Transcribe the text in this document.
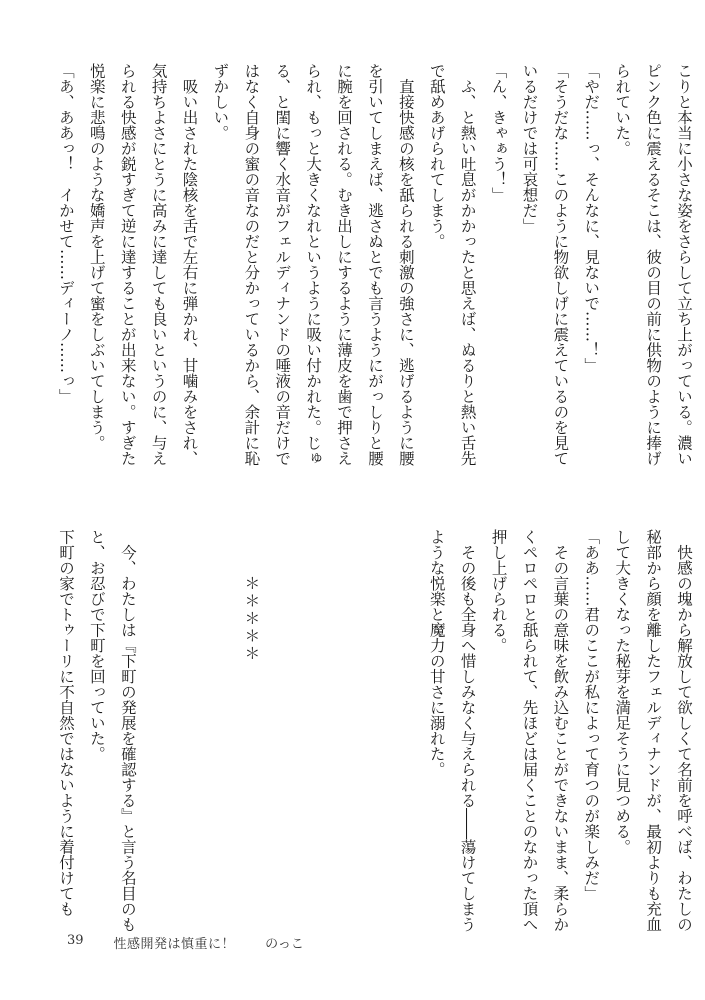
こりと本当に小さな姿をさらして立ち上がっている。濃い
ピンク色に震えるそこは、彼の目の前に供物のように捧げ
られていた。
「やだ……っ、そんなに、見ないで……！」
「そうだな……このように物欲しげに震えているのを見て
いるだけでは可哀想だ」
「ん、きゃぁう！」
　ふ、と熱い吐息がかかったと思えば、ぬるりと熱い舌先
で舐めあげられてしまう。
　直接快感の核を舐られる刺激の強さに、逃げるように腰
を引いてしまえば、逃さぬとでも言うようにがっしりと腰
に腕を回される。むき出しにするように薄皮を歯で押さえ
られ、もっと大きくなれというように吸い付かれた。じゅ
る、と閨に響く水音がフェルディナンドの唾液の音だけで
はなく自身の蜜の音なのだと分かっているから、余計に恥
ずかしい。
　吸い出された陰核を舌で左右に弾かれ、甘噛みをされ、
気持ちよさにとうに高みに達しても良いというのに、与え
られる快感が鋭すぎて逆に達することが出来ない。すぎた
悦楽に悲鳴のような嬌声を上げて蜜をしぶいてしまう。
「あ、ああっ！　イかせて……ディーノ……っ」
　快感の塊から解放して欲しくて名前を呼べば、わたしの
秘部から顔を離したフェルディナンドが、最初よりも充血
して大きくなった秘芽を満足そうに見つめる。
「ああ……君のここが私によって育つのが楽しみだ」
　その言葉の意味を飲み込むことができないまま、柔らか
くペロペロと舐られて、先ほどは届くことのなかった頂へ
押し上げられる。
　その後も全身へ惜しみなく与えられる――蕩けてしまう
ような悦楽と魔力の甘さに溺れた。
＊＊＊＊＊
　今、わたしは『下町の発展を確認する』と言う名目のも
と、お忍びで下町を回っていた。
下町の家でトゥーリに不自然ではないように着付けても
39 性感開発は慎重に！ のっこ
